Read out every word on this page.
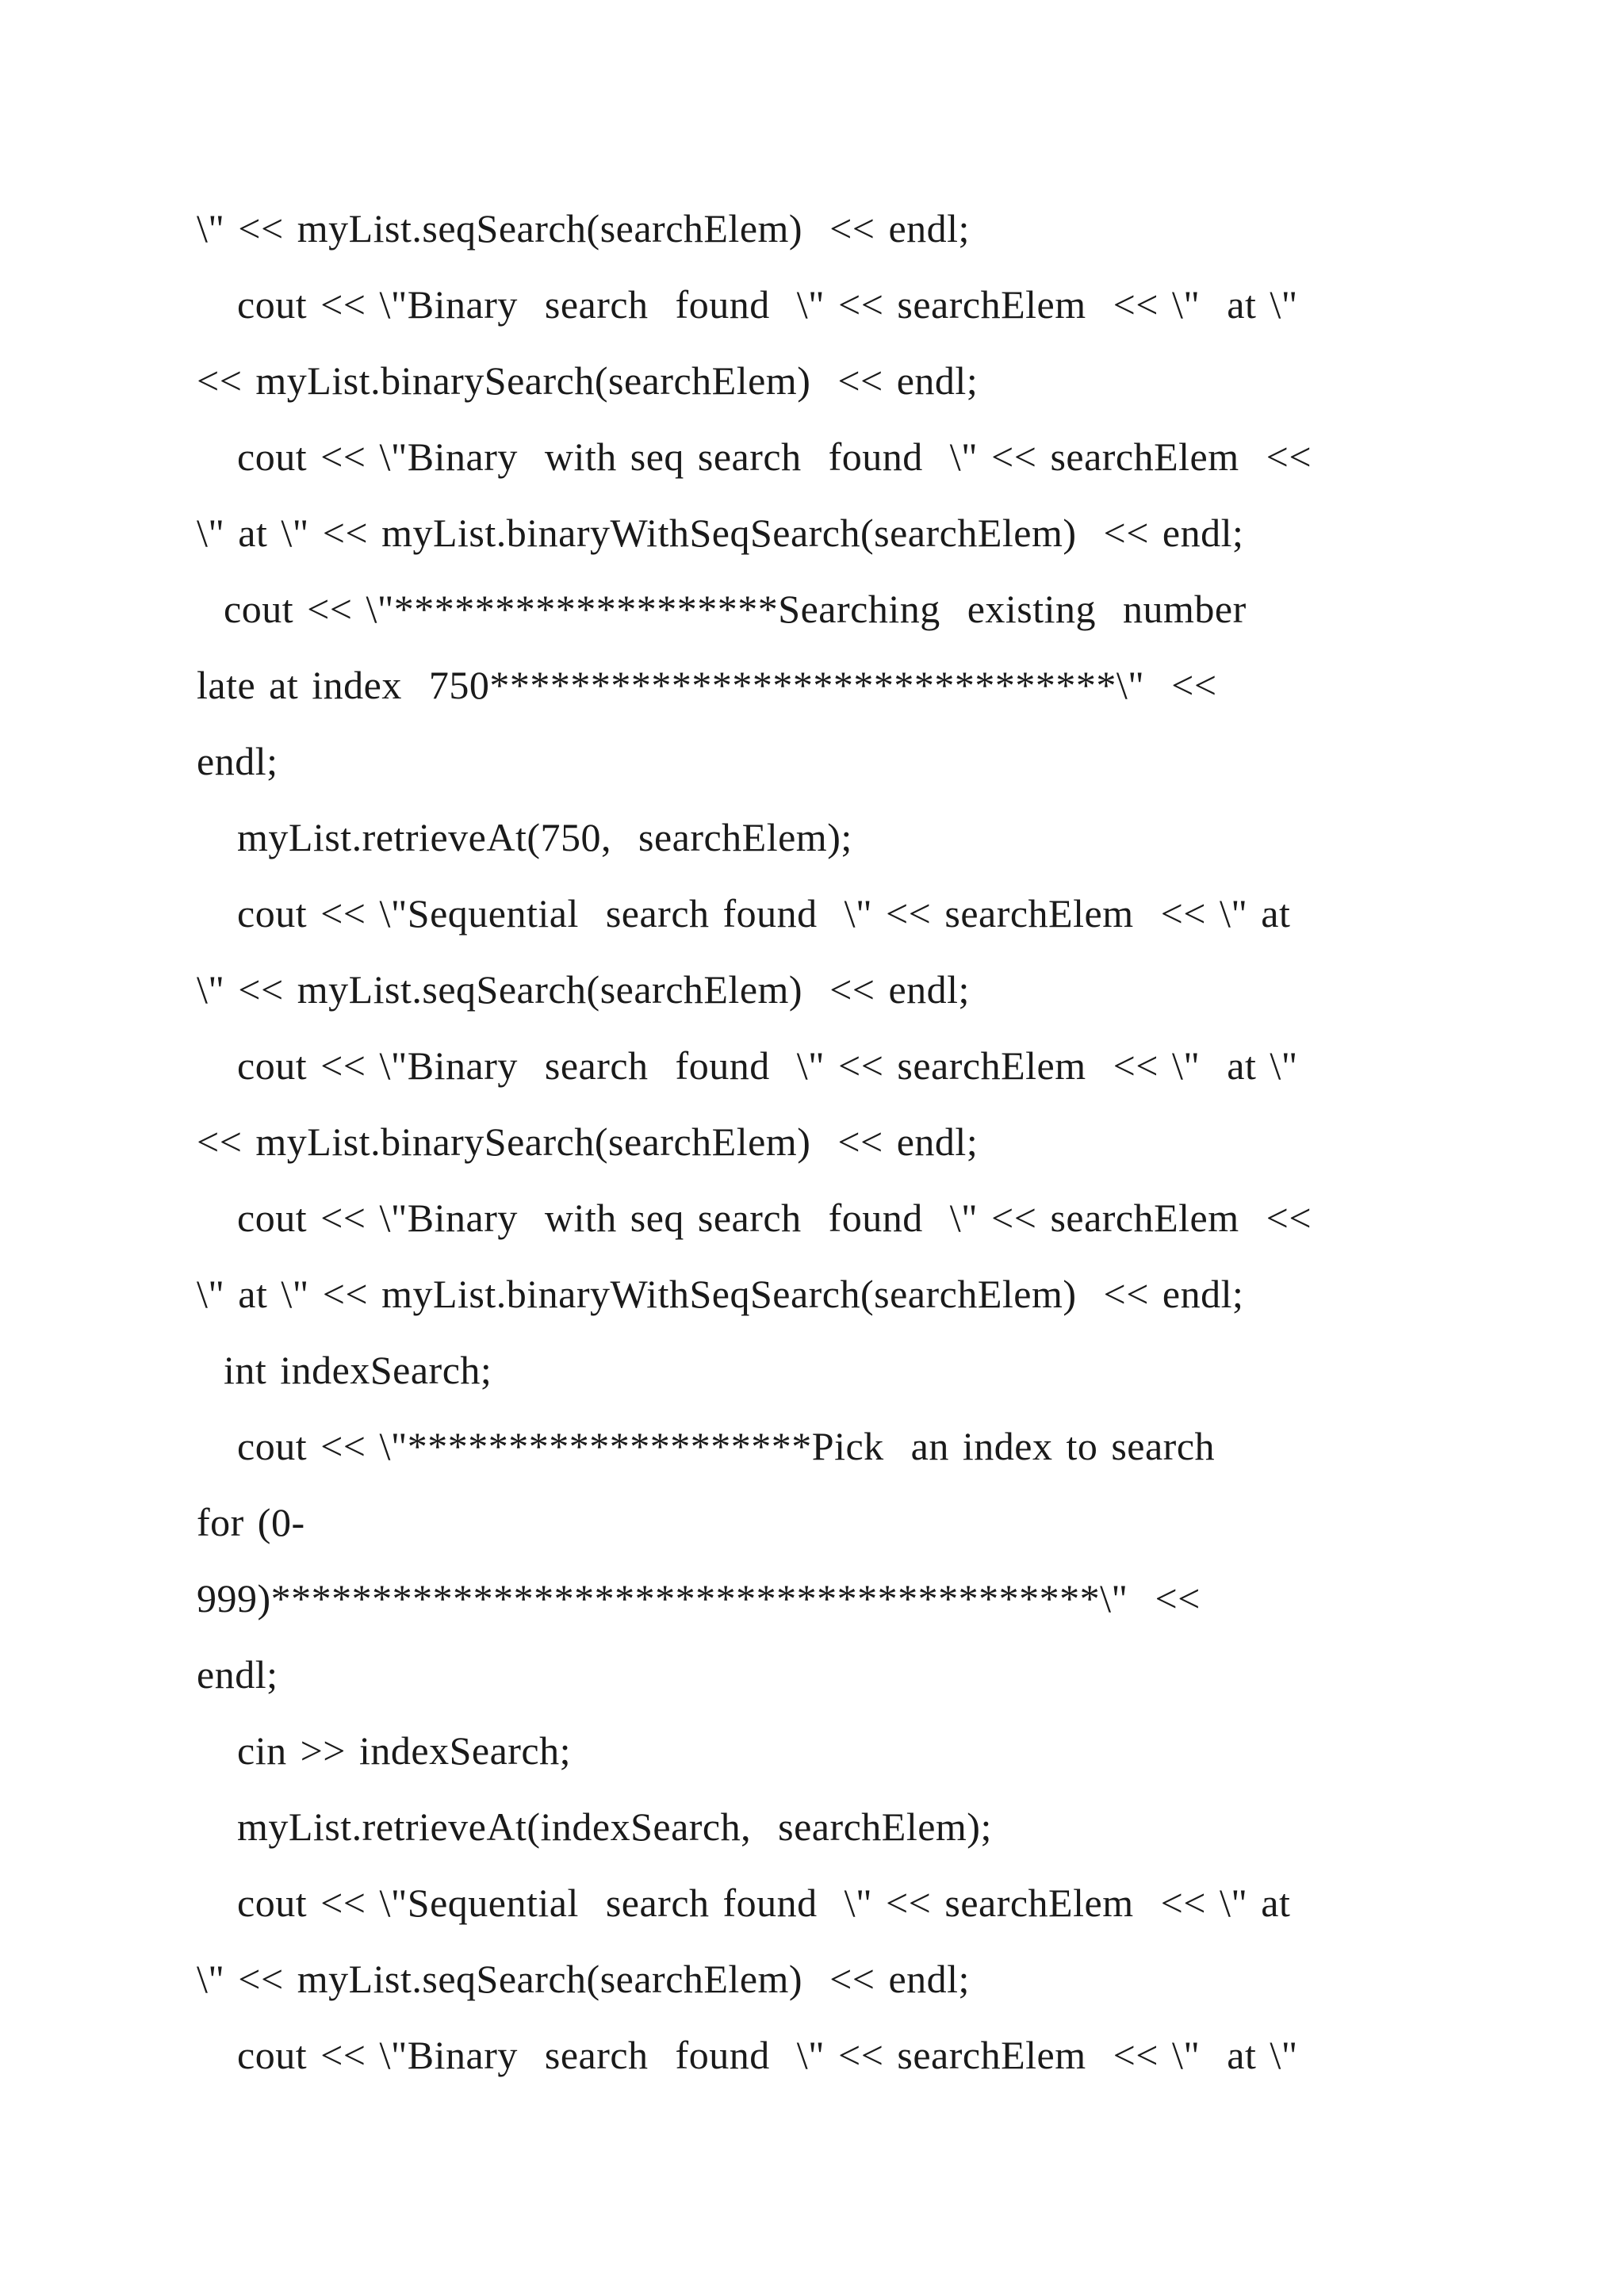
\" << myList.seqSearch(searchElem)  << endl;
cout << \"Binary  search  found  \" << searchElem  << \"  at \"
<< myList.binarySearch(searchElem)  << endl;
cout << \"Binary  with seq search  found  \" << searchElem  <<
\" at \" << myList.binaryWithSeqSearch(searchElem)  << endl;
cout << \"*******************Searching  existing  number
late at index  750*******************************\"  <<
endl;
myList.retrieveAt(750,  searchElem);
cout << \"Sequential  search found  \" << searchElem  << \" at
\" << myList.seqSearch(searchElem)  << endl;
cout << \"Binary  search  found  \" << searchElem  << \"  at \"
<< myList.binarySearch(searchElem)  << endl;
cout << \"Binary  with seq search  found  \" << searchElem  <<
\" at \" << myList.binaryWithSeqSearch(searchElem)  << endl;
int indexSearch;
cout << \"********************Pick  an index to search
for (0-
999)*****************************************\"  <<
endl;
cin >> indexSearch;
myList.retrieveAt(indexSearch,  searchElem);
cout << \"Sequential  search found  \" << searchElem  << \" at
\" << myList.seqSearch(searchElem)  << endl;
cout << \"Binary  search  found  \" << searchElem  << \"  at \"
